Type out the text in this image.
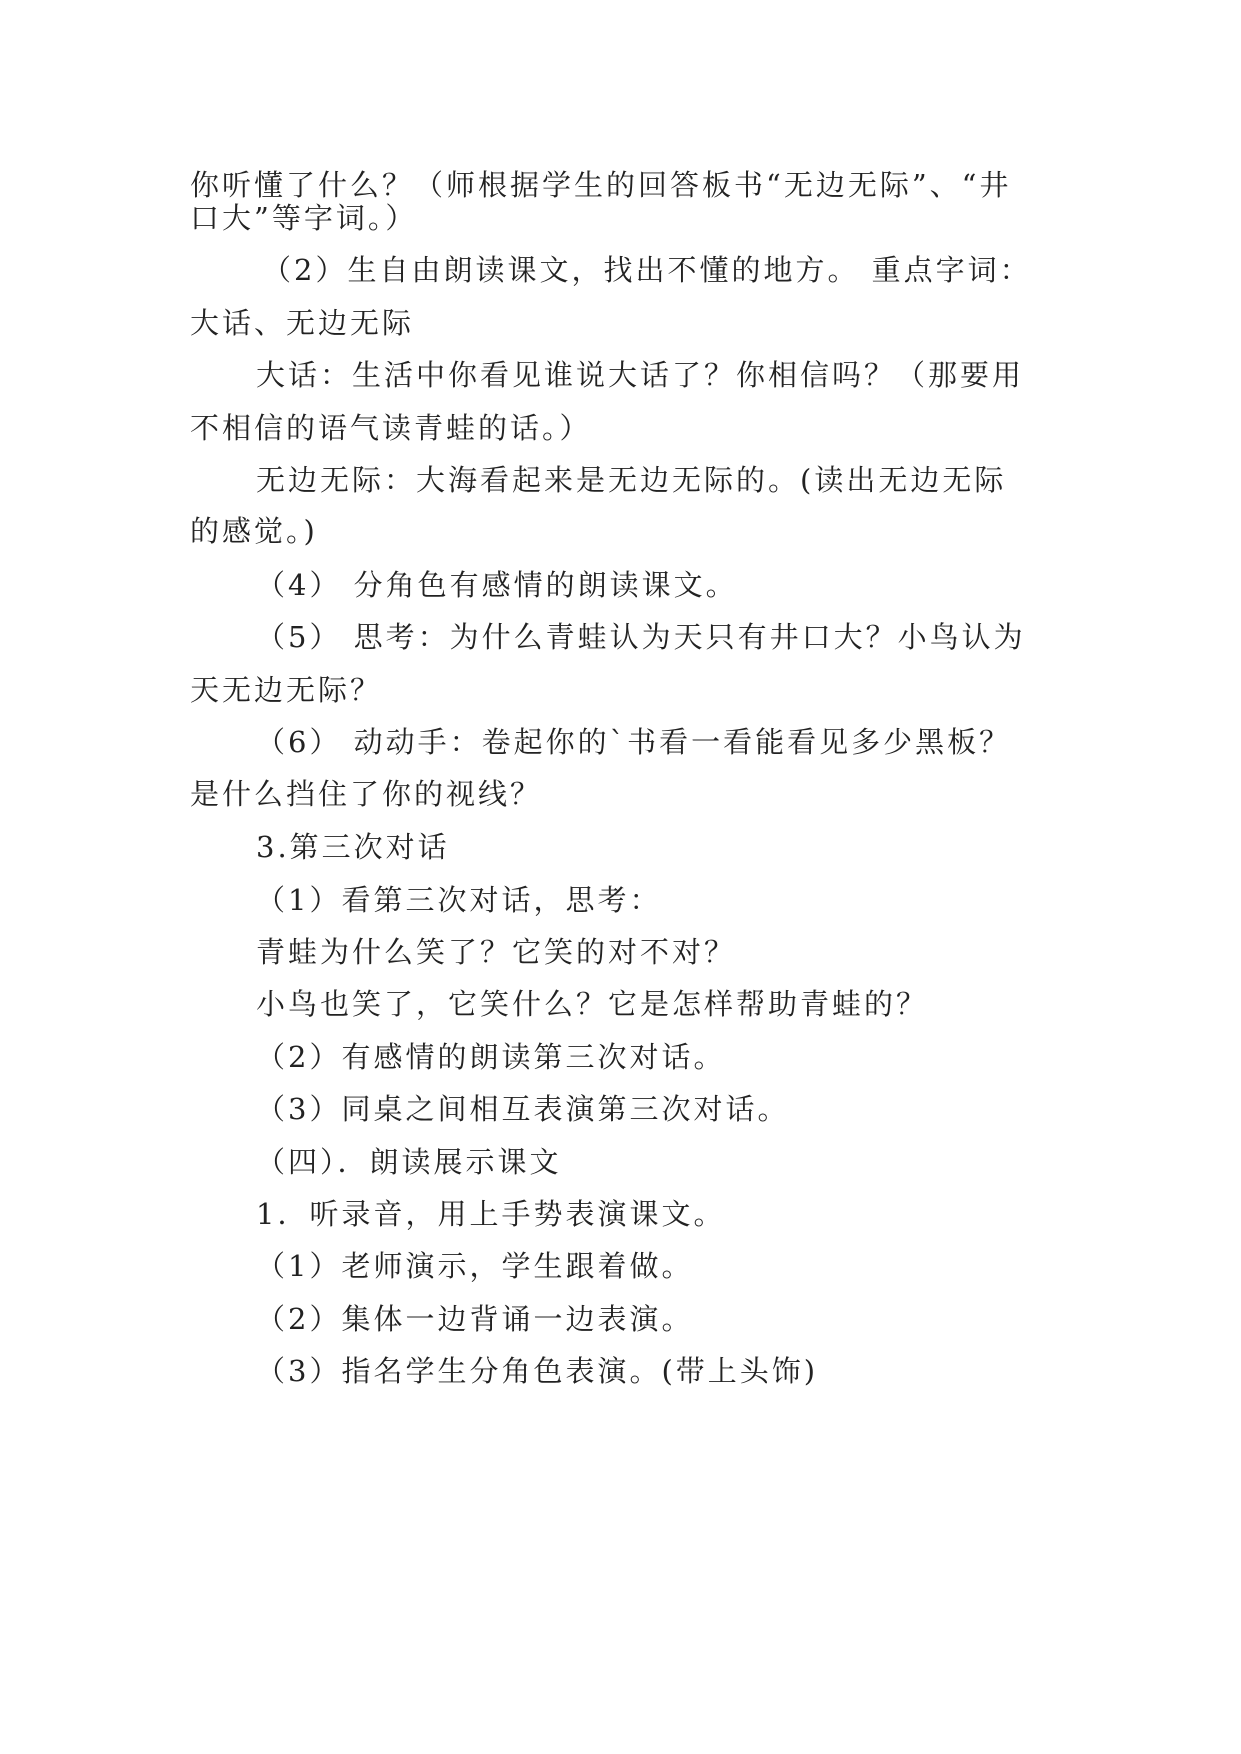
你听懂了什么？（师根据学生的回答板书“无边无际”、“井
口大”等字词。）
（2）生自由朗读课文，找出不懂的地方。 重点字词：
大话、无边无际
大话：生活中你看见谁说大话了？你相信吗？（那要用
不相信的语气读青蛙的话。）
无边无际：大海看起来是无边无际的。(读出无边无际
的感觉。)
（4） 分角色有感情的朗读课文。
（5） 思考：为什么青蛙认为天只有井口大？小鸟认为
天无边无际？
（6） 动动手：卷起你的`书看一看能看见多少黑板？
是什么挡住了你的视线？
3.第三次对话
（1）看第三次对话，思考：
青蛙为什么笑了？它笑的对不对？
小鸟也笑了，它笑什么？它是怎样帮助青蛙的？
（2）有感情的朗读第三次对话。
（3）同桌之间相互表演第三次对话。
（四）．朗读展示课文
1．听录音，用上手势表演课文。
（1）老师演示，学生跟着做。
（2）集体一边背诵一边表演。
（3）指名学生分角色表演。(带上头饰)
